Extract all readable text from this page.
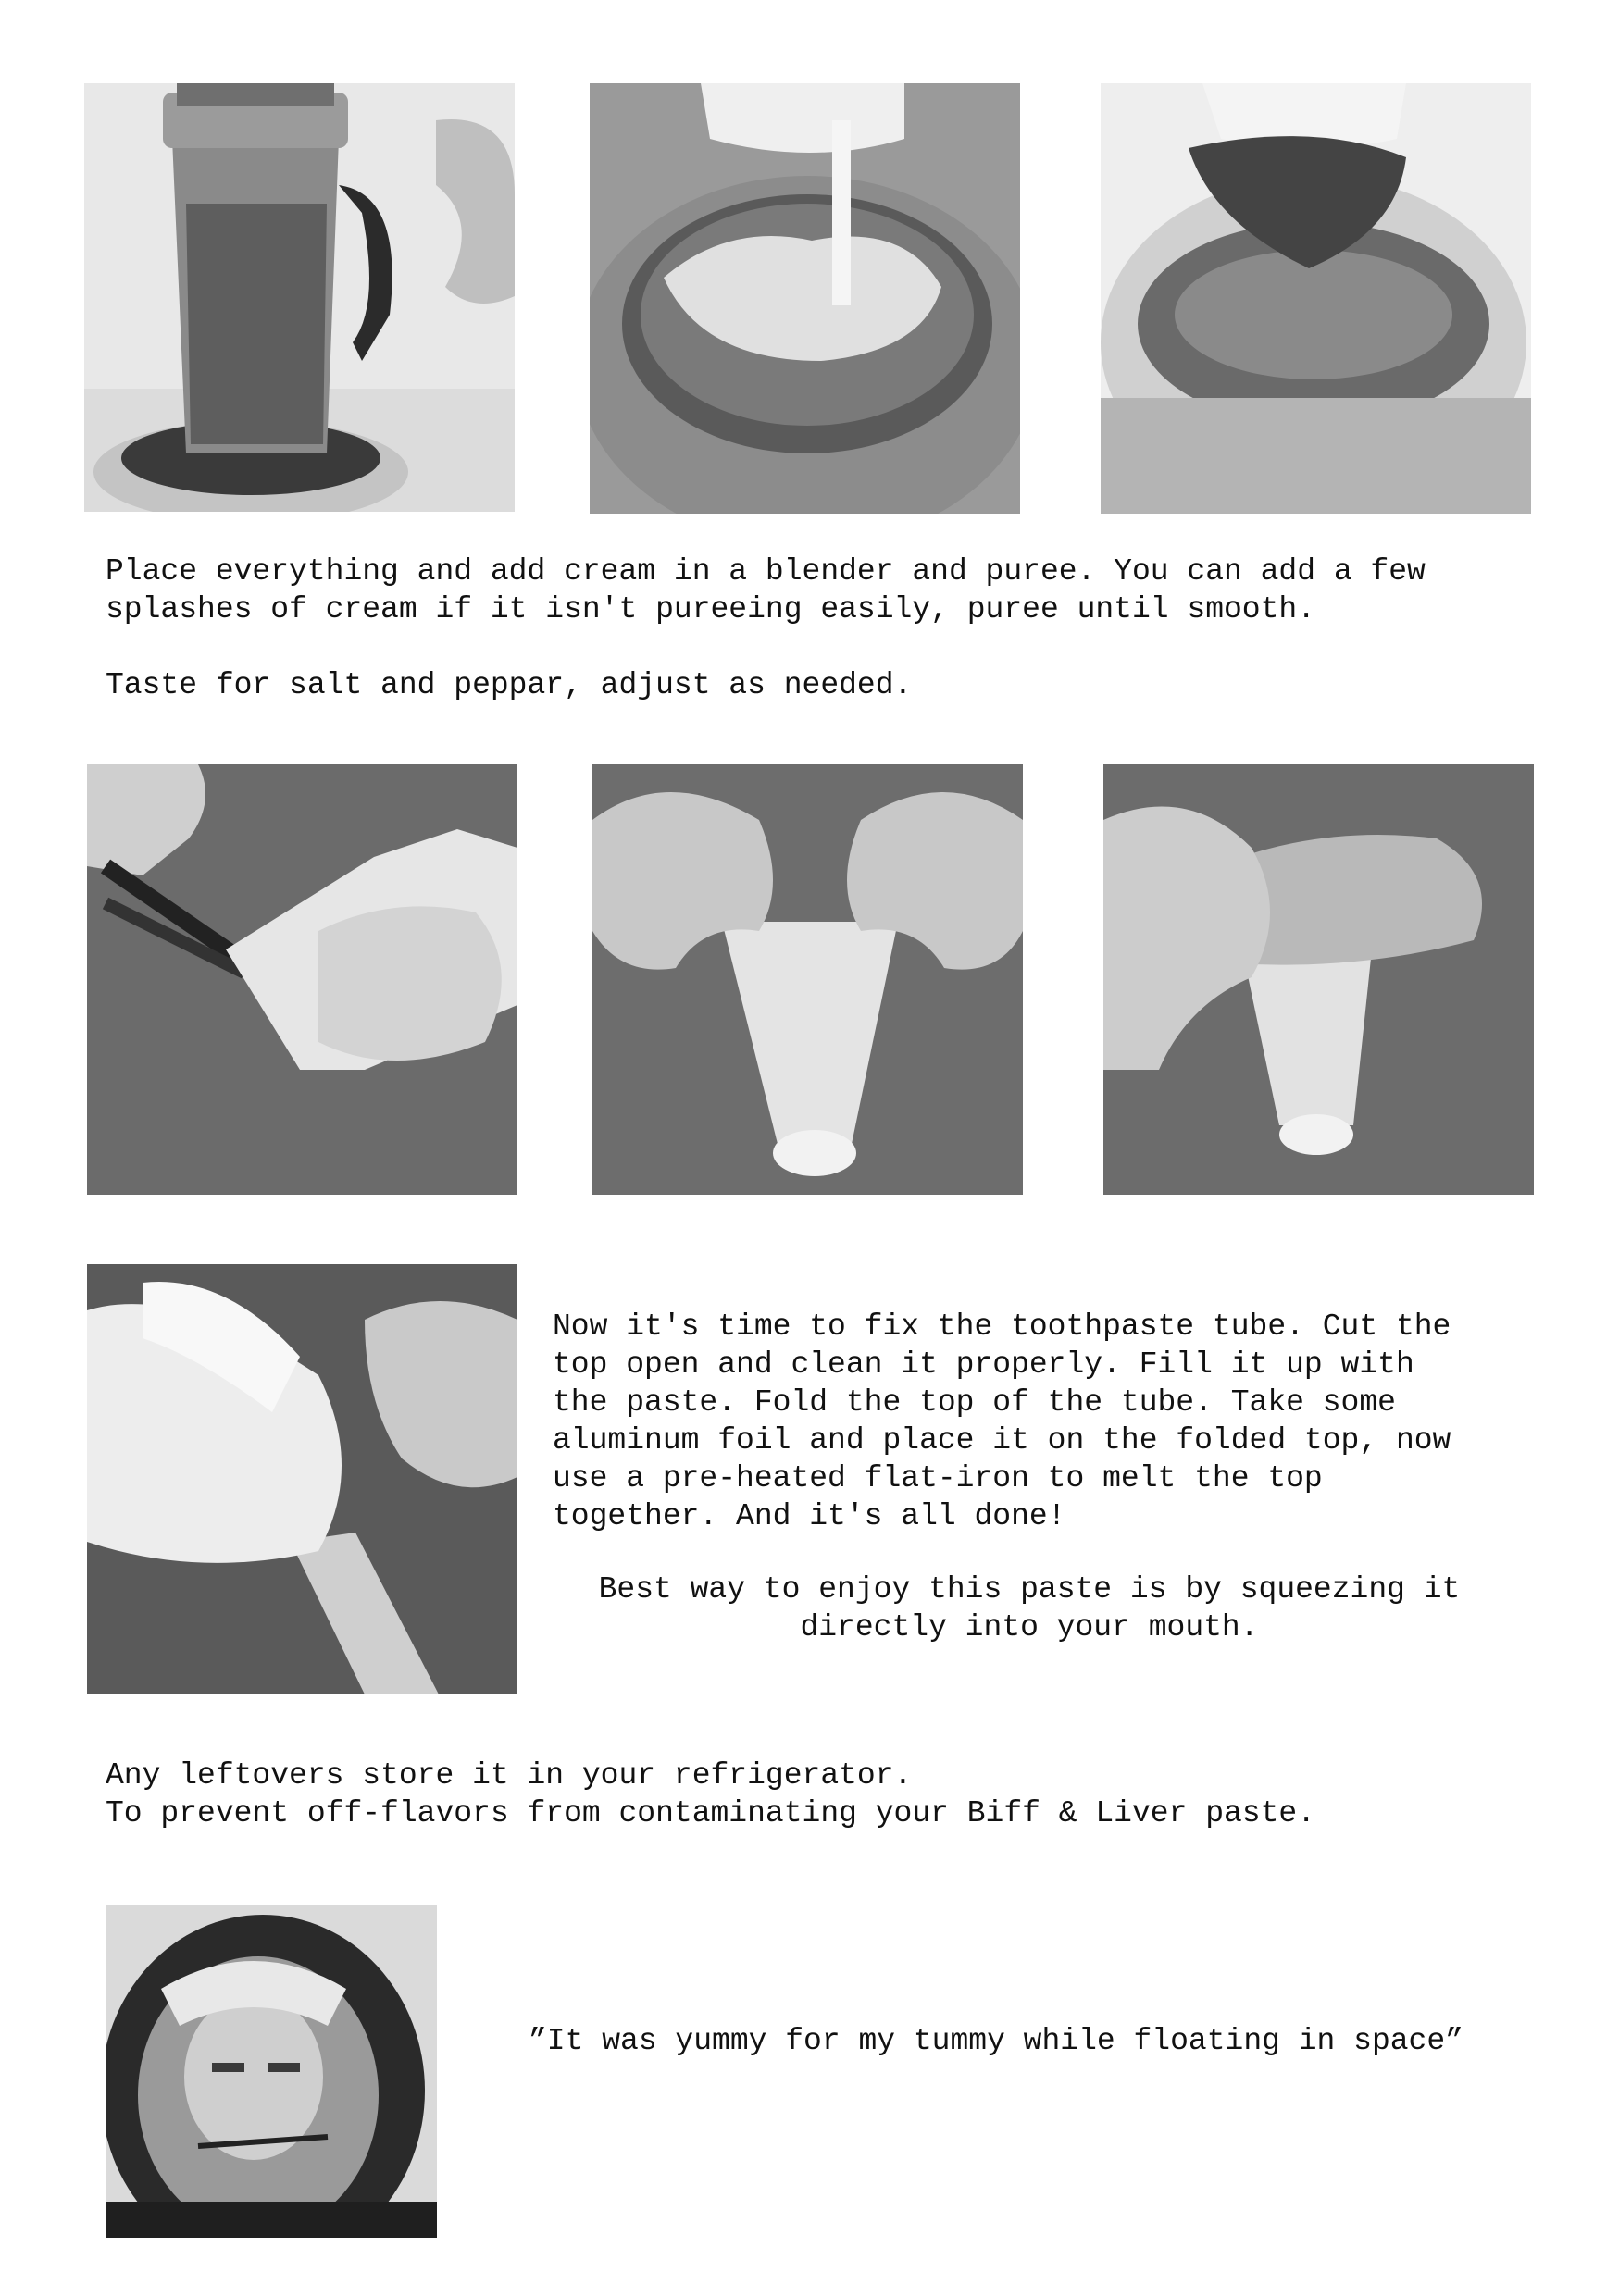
Place everything and add cream in a blender and puree. You can add a few
splashes of cream if it isn't pureeing easily, puree until smooth.
Taste for salt and peppar, adjust as needed.
Now it's time to fix the toothpaste tube. Cut the
top open and clean it properly. Fill it up with
the paste. Fold the top of the tube. Take some
aluminum foil and place it on the folded top, now
use a pre-heated flat-iron to melt the top
together. And it's all done!
Best way to enjoy this paste is by squeezing it
directly into your mouth.
Any leftovers store it in your refrigerator.
To prevent off-flavors from contaminating your Biff & Liver paste.
”It was yummy for my tummy while floating in space”
